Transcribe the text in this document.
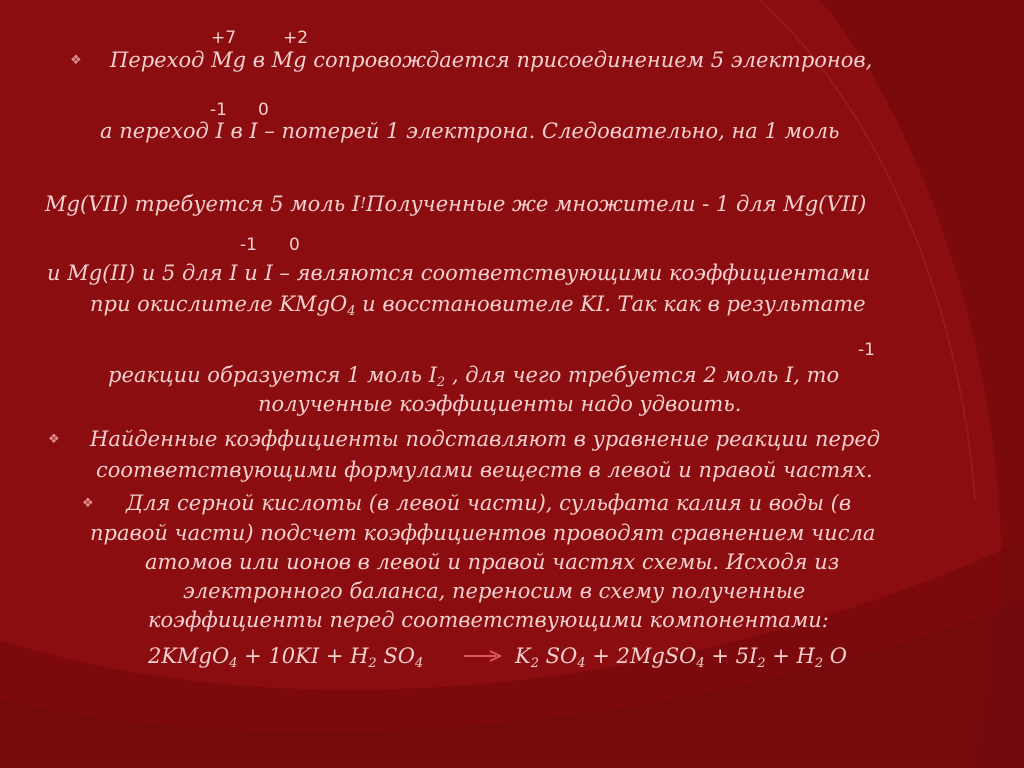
+7	+2
-1 0
-1 0
-1
❖ Переход Mg в Mg сопровождается присоединением 5 электронов,
а переход I в I – потерей 1 электрона. Следовательно, на 1 моль
Mg(VII) требуется 5 моль I!Полученные же множители - 1 для Mg(VII)
и Mg(II) и 5 для I и I – являются соответствующими коэффициентами
при окислителе KMgO$_4$ и восстановителе KI. Так как в результате
реакции образуется 1 моль $I_2$ , для чего требуется 2 моль I, то
полученные коэффициенты надо удвоить.
❖ Найденные коэффициенты подставляют в уравнение реакции перед
соответствующими формулами веществ в левой и правой частях.
❖ Для серной кислоты (в левой части), сульфата калия и воды (в
правой части) подсчет коэффициентов проводят сравнением числа
атомов или ионов в левой и правой частях схемы. Исходя из
электронного баланса, переносим в схему полученные
коэффициенты перед соответствующими компонентами:
2KMgO$_4$ + $10KI + H_2$ $SO_4$	$K_2$ $SO_4$ + 2MgSO$_4$ + $5I_2 + H_2$ O
